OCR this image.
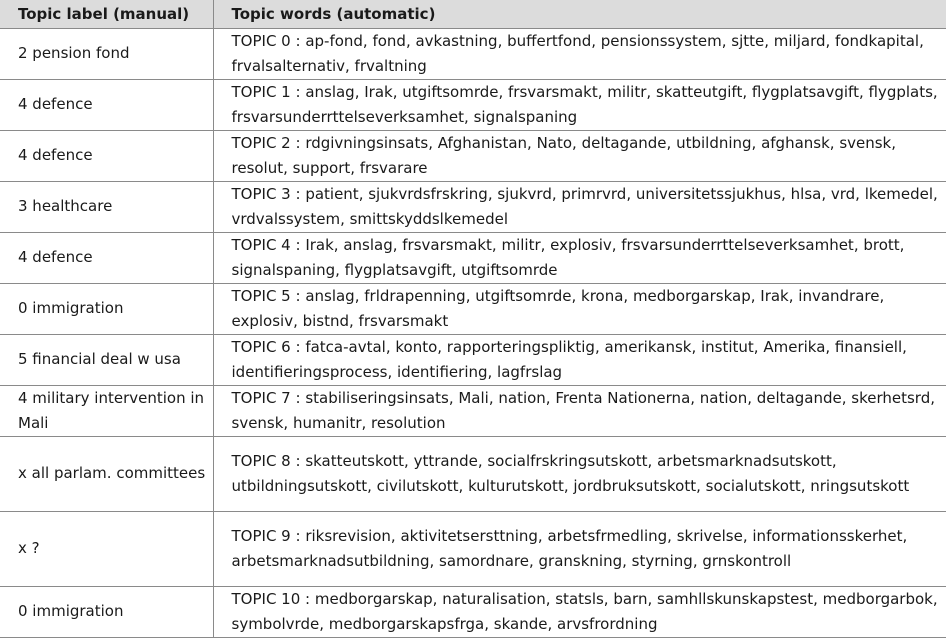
Topic label (manual)	Topic words (automatic)
2 pension fond	TOPIC 0 : ap-fond, fond, avkastning, buffertfond, pensionssystem, sjtte, miljard, fondkapital, frvalsalternativ, frvaltning
4 defence	TOPIC 1 : anslag, Irak, utgiftsomrde, frsvarsmakt, militr, skatteutgift, flygplatsavgift, flygplats, frsvarsunderrttelseverksamhet, signalspaning
4 defence	TOPIC 2 : rdgivningsinsats, Afghanistan, Nato, deltagande, utbildning, afghansk, svensk, resolut, support, frsvarare
3 healthcare	TOPIC 3 : patient, sjukvrdsfrskring, sjukvrd, primrvrd, universitetssjukhus, hlsa, vrd, lkemedel, vrdvalssystem, smittskyddslkemedel
4 defence	TOPIC 4 : Irak, anslag, frsvarsmakt, militr, explosiv, frsvarsunderrttelseverksamhet, brott, signalspaning, flygplatsavgift, utgiftsomrde
0 immigration	TOPIC 5 : anslag, frldrapenning, utgiftsomrde, krona, medborgarskap, Irak, invandrare, explosiv, bistnd, frsvarsmakt
5 financial deal w usa	TOPIC 6 : fatca-avtal, konto, rapporteringspliktig, amerikansk, institut, Amerika, finansiell, identifieringsprocess, identifiering, lagfrslag
4 military intervention in Mali	TOPIC 7 : stabiliseringsinsats, Mali, nation, Frenta Nationerna, nation, deltagande, skerhetsrd, svensk, humanitr, resolution
x all parlam. committees	TOPIC 8 : skatteutskott, yttrande, socialfrskringsutskott, arbetsmarknadsutskott, utbildningsutskott, civilutskott, kulturutskott, jordbruksutskott, socialutskott, nringsutskott
x ?	TOPIC 9 : riksrevision, aktivitetsersttning, arbetsfrmedling, skrivelse, informationsskerhet, arbetsmarknadsutbildning, samordnare, granskning, styrning, grnskontroll
0 immigration	TOPIC 10 : medborgarskap, naturalisation, statsls, barn, samhllskunskapstest, medborgarbok, symbolvrde, medborgarskapsfrga, skande, arvsfrordning
